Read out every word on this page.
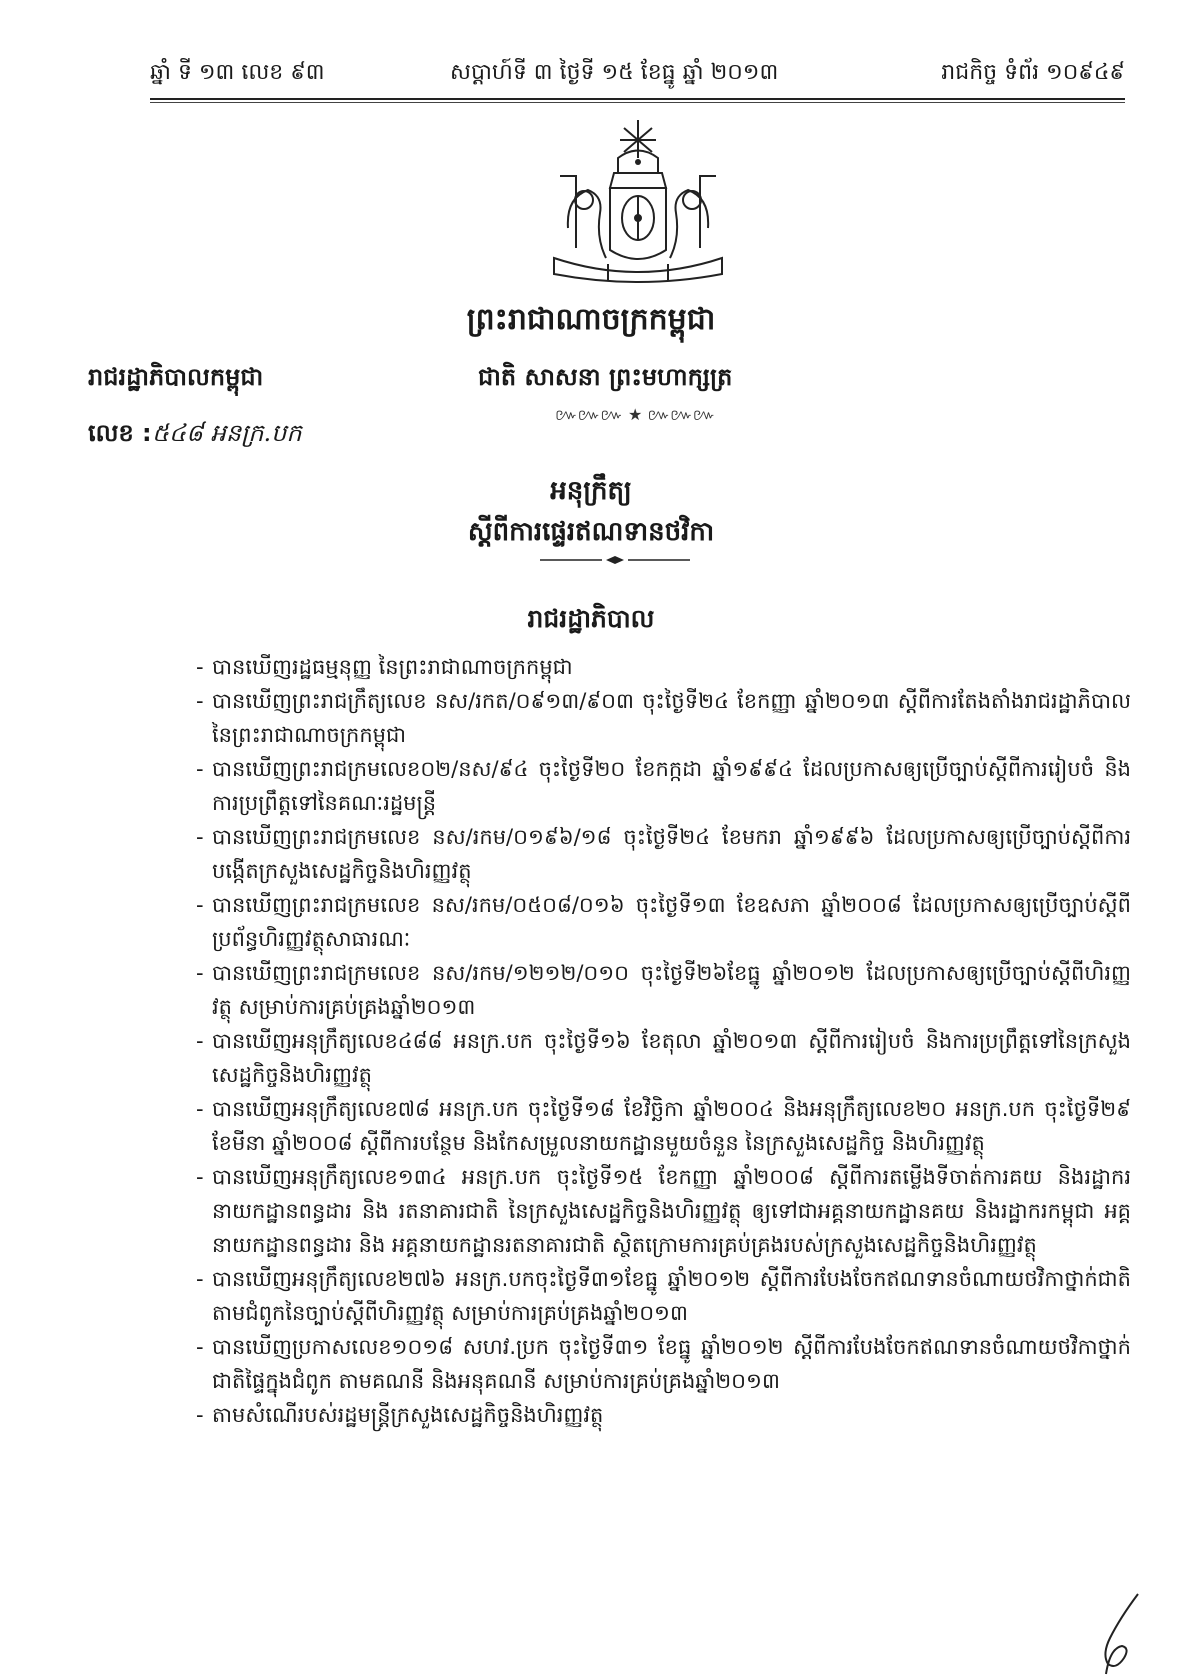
ឆ្នាំ ទី ១៣ លេខ ៩៣	សប្តាហ៍ទី ៣ ថ្ងៃទី ១៥ ខែធ្នូ ឆ្នាំ ២០១៣	រាជកិច្ច ទំព័រ ១០៩៤៩
ព្រះរាជាណាចក្រកម្ពុជា
រាជរដ្ឋាភិបាលកម្ពុជា	ជាតិ សាសនា ព្រះមហាក្សត្រ
៚៚៚ ★ ៚៚៚
លេខ : ៥៤៨ អនក្រ.បក
អនុក្រឹត្យ
ស្តីពីការផ្ទេរឥណទានថវិកា
រាជរដ្ឋាភិបាល
- បានឃើញរដ្ឋធម្មនុញ្ញ នៃព្រះរាជាណាចក្រកម្ពុជា
- បានឃើញព្រះរាជក្រឹត្យលេខ នស/រកត/០៩១៣/៩០៣ ចុះថ្ងៃទី២៤ ខែកញ្ញា ឆ្នាំ២០១៣ ស្តីពីការតែងតាំងរាជរដ្ឋាភិបាល នៃព្រះរាជាណាចក្រកម្ពុជា
- បានឃើញព្រះរាជក្រមលេខ០២/នស/៩៤ ចុះថ្ងៃទី២០ ខែកក្កដា ឆ្នាំ១៩៩៤ ដែលប្រកាសឲ្យប្រើច្បាប់ស្តីពីការរៀបចំ និងការប្រព្រឹត្តទៅនៃគណៈរដ្ឋមន្ត្រី
- បានឃើញព្រះរាជក្រមលេខ នស/រកម/០១៩៦/១៨ ចុះថ្ងៃទី២៤ ខែមករា ឆ្នាំ១៩៩៦ ដែលប្រកាសឲ្យប្រើច្បាប់ស្តីពីការបង្កើតក្រសួងសេដ្ឋកិច្ចនិងហិរញ្ញវត្ថុ
- បានឃើញព្រះរាជក្រមលេខ នស/រកម/០៥០៨/០១៦ ចុះថ្ងៃទី១៣ ខែឧសភា ឆ្នាំ២០០៨ ដែលប្រកាសឲ្យប្រើច្បាប់ស្តីពីប្រព័ន្ធហិរញ្ញវត្ថុសាធារណៈ
- បានឃើញព្រះរាជក្រមលេខ នស/រកម/១២១២/០១០ ចុះថ្ងៃទី២៦ខែធ្នូ ឆ្នាំ២០១២ ដែលប្រកាសឲ្យប្រើច្បាប់ស្តីពីហិរញ្ញវត្ថុ សម្រាប់ការគ្រប់គ្រងឆ្នាំ២០១៣
- បានឃើញអនុក្រឹត្យលេខ៤៨៨ អនក្រ.បក ចុះថ្ងៃទី១៦ ខែតុលា ឆ្នាំ២០១៣ ស្តីពីការរៀបចំ និងការប្រព្រឹត្តទៅនៃក្រសួងសេដ្ឋកិច្ចនិងហិរញ្ញវត្ថុ
- បានឃើញអនុក្រឹត្យលេខ៧៨ អនក្រ.បក ចុះថ្ងៃទី១៨ ខែវិច្ឆិកា ឆ្នាំ២០០៤ និងអនុក្រឹត្យលេខ២០ អនក្រ.បក ចុះថ្ងៃទី២៩ ខែមីនា ឆ្នាំ២០០៨ ស្តីពីការបន្ថែម និងកែសម្រួលនាយកដ្ឋានមួយចំនួន នៃក្រសួងសេដ្ឋកិច្ច និងហិរញ្ញវត្ថុ
- បានឃើញអនុក្រឹត្យលេខ១៣៤ អនក្រ.បក ចុះថ្ងៃទី១៥ ខែកញ្ញា ឆ្នាំ២០០៨ ស្តីពីការតម្លើងទីចាត់ការគយ និងរដ្ឋាករ នាយកដ្ឋានពន្ធដារ និង រតនាគារជាតិ នៃក្រសួងសេដ្ឋកិច្ចនិងហិរញ្ញវត្ថុ ឲ្យទៅជាអគ្គនាយកដ្ឋានគយ និងរដ្ឋាករកម្ពុជា អគ្គនាយកដ្ឋានពន្ធដារ និង អគ្គនាយកដ្ឋានរតនាគារជាតិ ស្ថិតក្រោមការគ្រប់គ្រងរបស់ក្រសួងសេដ្ឋកិច្ចនិងហិរញ្ញវត្ថុ
- បានឃើញអនុក្រឹត្យលេខ២៧៦ អនក្រ.បកចុះថ្ងៃទី៣១ខែធ្នូ ឆ្នាំ២០១២ ស្តីពីការបែងចែកឥណទានចំណាយថវិកាថ្នាក់ជាតិតាមជំពូកនៃច្បាប់ស្តីពីហិរញ្ញវត្ថុ សម្រាប់ការគ្រប់គ្រងឆ្នាំ២០១៣
- បានឃើញប្រកាសលេខ១០១៨ សហវ.ប្រក ចុះថ្ងៃទី៣១ ខែធ្នូ ឆ្នាំ២០១២ ស្តីពីការបែងចែកឥណទានចំណាយថវិកាថ្នាក់ជាតិផ្ទៃក្នុងជំពូក តាមគណនី និងអនុគណនី សម្រាប់ការគ្រប់គ្រងឆ្នាំ២០១៣
- តាមសំណើរបស់រដ្ឋមន្ត្រីក្រសួងសេដ្ឋកិច្ចនិងហិរញ្ញវត្ថុ
